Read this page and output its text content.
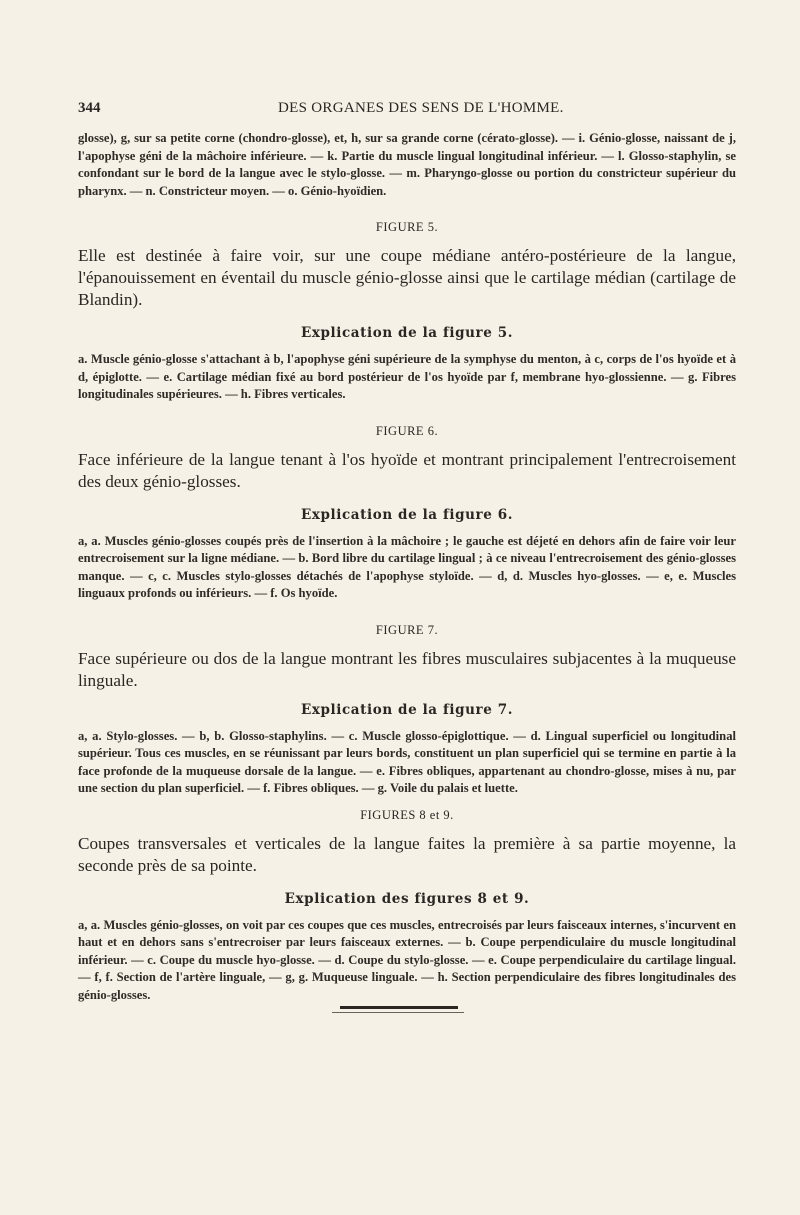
344	DES ORGANES DES SENS DE L'HOMME.

glosse), g, sur sa petite corne (chondro-glosse), et, h, sur sa grande corne (cérato-glosse). — i. Génio-glosse, naissant de j, l'apophyse géni de la mâchoire inférieure. — k. Partie du muscle lingual longitudinal inférieur. — l. Glosso-staphylin, se confondant sur le bord de la langue avec le stylo-glosse. — m. Pharyngo-glosse ou portion du constricteur supérieur du pharynx. — n. Constricteur moyen. — o. Génio-hyoïdien.

FIGURE 5.

Elle est destinée à faire voir, sur une coupe médiane antéro-postérieure de la langue, l'épanouissement en éventail du muscle génio-glosse ainsi que le cartilage médian (cartilage de Blandin).

Explication de la figure 5.

a. Muscle génio-glosse s'attachant à b, l'apophyse géni supérieure de la symphyse du menton, à c, corps de l'os hyoïde et à d, épiglotte. — e. Cartilage médian fixé au bord postérieur de l'os hyoïde par f, membrane hyo-glossienne. — g. Fibres longitudinales supérieures. — h. Fibres verticales.

FIGURE 6.

Face inférieure de la langue tenant à l'os hyoïde et montrant principalement l'entrecroisement des deux génio-glosses.

Explication de la figure 6.

a, a. Muscles génio-glosses coupés près de l'insertion à la mâchoire ; le gauche est déjeté en dehors afin de faire voir leur entrecroisement sur la ligne médiane. — b. Bord libre du cartilage lingual ; à ce niveau l'entrecroisement des génio-glosses manque. — c, c. Muscles stylo-glosses détachés de l'apophyse styloïde. — d, d. Muscles hyo-glosses. — e, e. Muscles linguaux profonds ou inférieurs. — f. Os hyoïde.

FIGURE 7.

Face supérieure ou dos de la langue montrant les fibres musculaires subjacentes à la muqueuse linguale.

Explication de la figure 7.

a, a. Stylo-glosses. — b, b. Glosso-staphylins. — c. Muscle glosso-épiglottique. — d. Lingual superficiel ou longitudinal supérieur. Tous ces muscles, en se réunissant par leurs bords, constituent un plan superficiel qui se termine en partie à la face profonde de la muqueuse dorsale de la langue. — e. Fibres obliques, appartenant au chondro-glosse, mises à nu, par une section du plan superficiel. — f. Fibres obliques. — g. Voile du palais et luette.

FIGURES 8 et 9.

Coupes transversales et verticales de la langue faites la première à sa partie moyenne, la seconde près de sa pointe.

Explication des figures 8 et 9.

a, a. Muscles génio-glosses, on voit par ces coupes que ces muscles, entrecroisés par leurs faisceaux internes, s'incurvent en haut et en dehors sans s'entrecroiser par leurs faisceaux externes. — b. Coupe perpendiculaire du muscle longitudinal inférieur. — c. Coupe du muscle hyo-glosse. — d. Coupe du stylo-glosse. — e. Coupe perpendiculaire du cartilage lingual. — f, f. Section de l'artère linguale, — g, g. Muqueuse linguale. — h. Section perpendiculaire des fibres longitudinales des génio-glosses.
